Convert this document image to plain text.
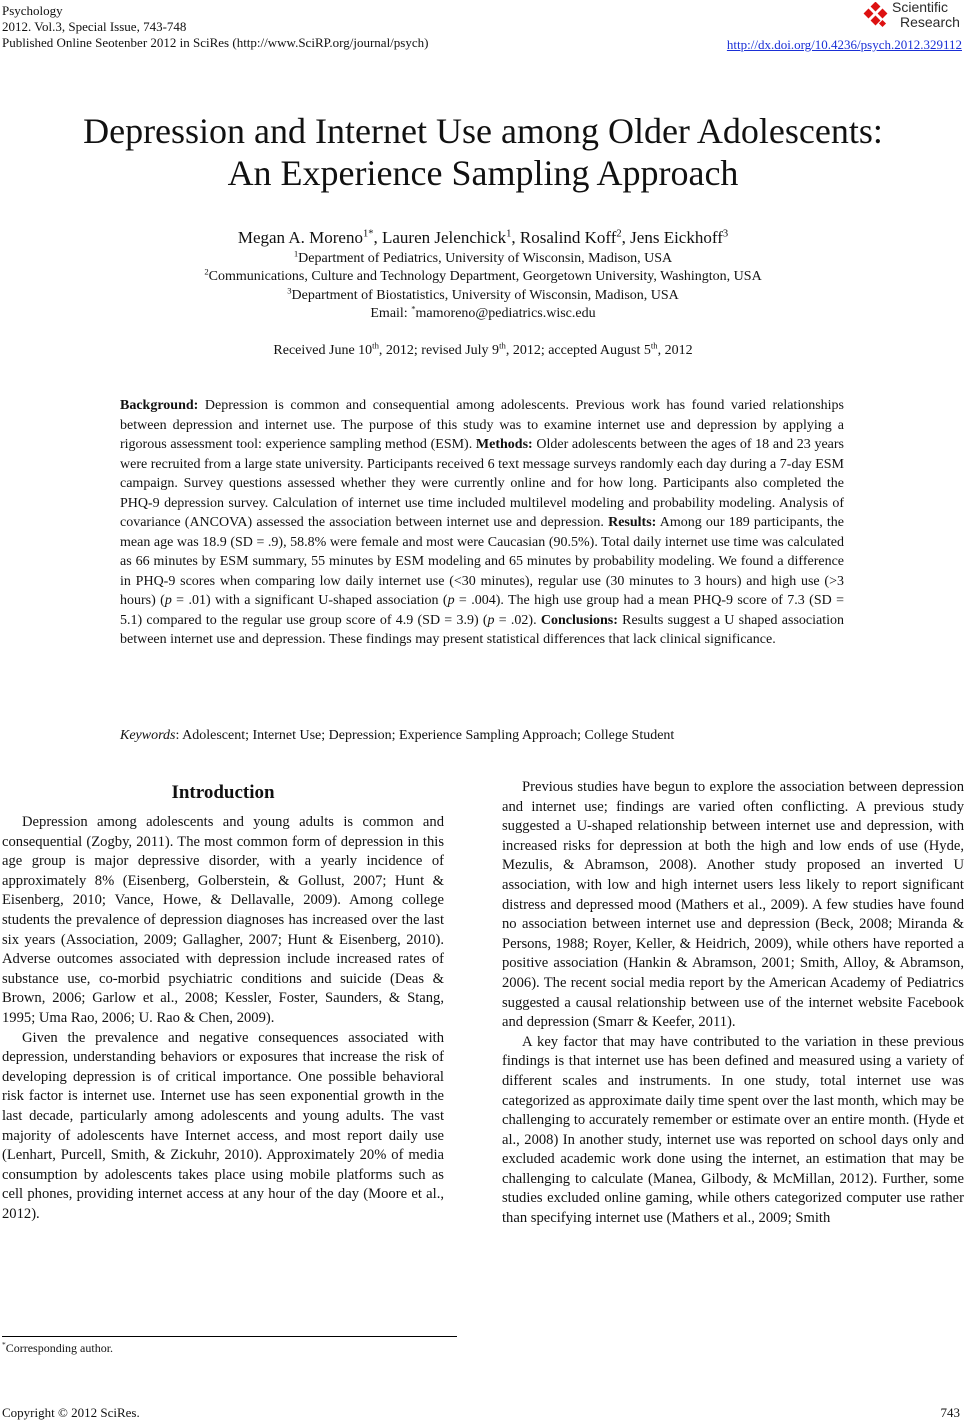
Psychology
2012. Vol.3, Special Issue, 743-748
Published Online Seotenber 2012 in SciRes (http://www.SciRP.org/journal/psych)	http://dx.doi.org/10.4236/psych.2012.329112
Scientific
Research
Depression and Internet Use among Older Adolescents:
An Experience Sampling Approach
Megan A. Moreno$^{1*}$, Lauren Jelenchick$^1$, Rosalind Koff$^2$, Jens Eickhoff$^3$
$^1$Department of Pediatrics, University of Wisconsin, Madison, USA
$^2$Communications, Culture and Technology Department, Georgetown University, Washington, USA
$^3$Department of Biostatistics, University of Wisconsin, Madison, USA
Email: *mamoreno@pediatrics.wisc.edu
Received June 10th, 2012; revised July 9th, 2012; accepted August 5th, 2012
Background: Depression is common and consequential among adolescents. Previous work has found varied relationships between depression and internet use. The purpose of this study was to examine internet use and depression by applying a rigorous assessment tool: experience sampling method (ESM). Methods: Older adolescents between the ages of 18 and 23 years were recruited from a large state university. Participants received 6 text message surveys randomly each day during a 7-day ESM campaign. Survey questions assessed whether they were currently online and for how long. Participants also completed the PHQ-9 depression survey. Calculation of internet use time included multilevel modeling and probability modeling. Analysis of covariance (ANCOVA) assessed the association between internet use and depression. Results: Among our 189 participants, the mean age was 18.9 (SD = .9), 58.8% were female and most were Caucasian (90.5%). Total daily internet use time was calculated as 66 minutes by ESM summary, 55 minutes by ESM modeling and 65 minutes by probability modeling. We found a difference in PHQ-9 scores when comparing low daily internet use (<30 minutes), regular use (30 minutes to 3 hours) and high use (>3 hours) (p = .01) with a significant U-shaped association (p = .004). The high use group had a mean PHQ-9 score of 7.3 (SD = 5.1) compared to the regular use group score of 4.9 (SD = 3.9) (p = .02). Conclusions: Results suggest a U shaped association between internet use and depression. These findings may present statistical differences that lack clinical significance.
Keywords: Adolescent; Internet Use; Depression; Experience Sampling Approach; College Student
Introduction

Depression among adolescents and young adults is common and consequential (Zogby, 2011). The most common form of depression in this age group is major depressive disorder, with a yearly incidence of approximately 8% (Eisenberg, Golberstein, & Gollust, 2007; Hunt & Eisenberg, 2010; Vance, Howe, & Dellavalle, 2009). Among college students the prevalence of depression diagnoses has increased over the last six years (Association, 2009; Gallagher, 2007; Hunt & Eisenberg, 2010). Adverse outcomes associated with depression include increased rates of substance use, co-morbid psychiatric conditions and suicide (Deas & Brown, 2006; Garlow et al., 2008; Kessler, Foster, Saunders, & Stang, 1995; Uma Rao, 2006; U. Rao & Chen, 2009).

Given the prevalence and negative consequences associated with depression, understanding behaviors or exposures that increase the risk of developing depression is of critical importance. One possible behavioral risk factor is internet use. Internet use has seen exponential growth in the last decade, particularly among adolescents and young adults. The vast majority of adolescents have Internet access, and most report daily use (Lenhart, Purcell, Smith, & Zickuhr, 2010). Approximately 20% of media consumption by adolescents takes place using mobile platforms such as cell phones, providing internet access at any hour of the day (Moore et al., 2012).

Previous studies have begun to explore the association between depression and internet use; findings are varied often conflicting. A previous study suggested a U-shaped relationship between internet use and depression, with increased risks for depression at both the high and low ends of use (Hyde, Mezulis, & Abramson, 2008). Another study proposed an inverted U association, with low and high internet users less likely to report significant distress and depressed mood (Mathers et al., 2009). A few studies have found no association between internet use and depression (Beck, 2008; Miranda & Persons, 1988; Royer, Keller, & Heidrich, 2009), while others have reported a positive association (Hankin & Abramson, 2001; Smith, Alloy, & Abramson, 2006). The recent social media report by the American Academy of Pediatrics suggested a causal relationship between use of the internet website Facebook and depression (Smarr & Keefer, 2011).

A key factor that may have contributed to the variation in these previous findings is that internet use has been defined and measured using a variety of different scales and instruments. In one study, total internet use was categorized as approximate daily time spent over the last month, which may be challenging to accurately remember or estimate over an entire month. (Hyde et al., 2008) In another study, internet use was reported on school days only and excluded academic work done using the internet, an estimation that may be challenging to calculate (Manea, Gilbody, & McMillan, 2012). Further, some studies excluded online gaming, while others categorized computer use rather than specifying internet use (Mathers et al., 2009; Smith

*Corresponding author.
Copyright © 2012 SciRes.	743
